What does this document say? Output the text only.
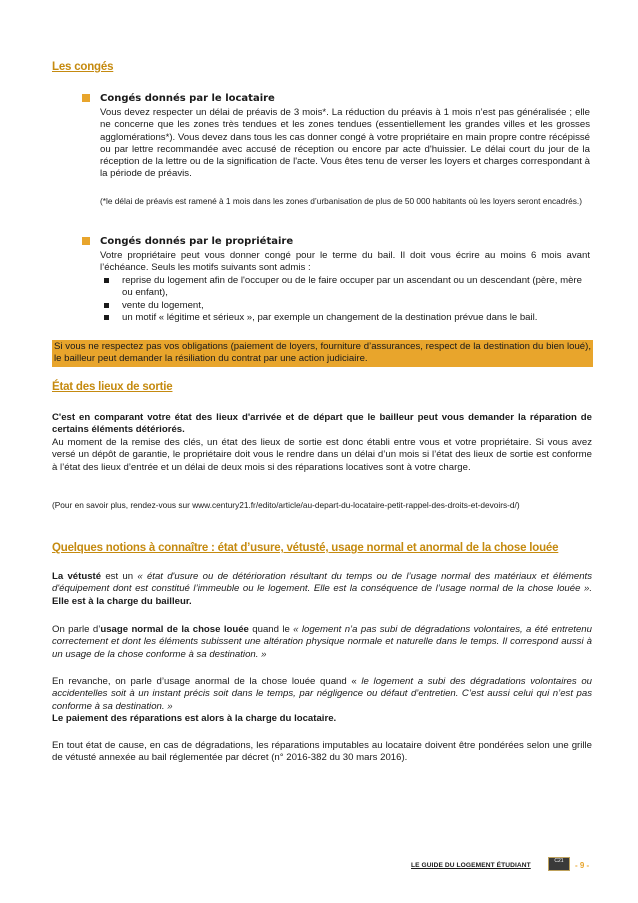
Les congés
Congés donnés par le locataire
Vous devez respecter un délai de préavis de 3 mois*. La réduction du préavis à 1 mois n’est pas généralisée ; elle ne concerne que les zones très tendues et les zones tendues (essentiellement les grandes villes et les grosses agglomérations*). Vous devez dans tous les cas donner congé à votre propriétaire en main propre contre récépissé ou par lettre recommandée avec accusé de réception ou encore par acte d'huissier. Le délai court du jour de la réception de la lettre ou de la signification de l'acte. Vous êtes tenu de verser les loyers et charges correspondant à la période de préavis.
(*le délai de préavis est ramené à 1 mois dans les zones d’urbanisation de plus de 50 000 habitants où les loyers seront encadrés.)
Congés donnés par le propriétaire
Votre propriétaire peut vous donner congé pour le terme du bail. Il doit vous écrire au moins 6 mois avant l’échéance. Seuls les motifs suivants sont admis :
reprise du logement afin de l'occuper ou de le faire occuper par un ascendant ou un descendant (père, mère ou enfant),
vente du logement,
un motif « légitime et sérieux », par exemple un changement de la destination prévue dans le bail.
Si vous ne respectez pas vos obligations (paiement de loyers, fourniture d’assurances, respect de la destination du bien loué), le bailleur peut demander la résiliation du contrat par une action judiciaire.
État des lieux de sortie
C'est en comparant votre état des lieux d'arrivée et de départ que le bailleur peut vous demander la réparation de certains éléments détériorés.
Au moment de la remise des clés, un état des lieux de sortie est donc établi entre vous et votre propriétaire. Si vous avez versé un dépôt de garantie, le propriétaire doit vous le rendre dans un délai d’un mois si l’état des lieux de sortie est conforme à l’état des lieux d’entrée et un délai de deux mois si des réparations locatives sont à votre charge.
(Pour en savoir plus, rendez-vous sur www.century21.fr/edito/article/au-depart-du-locataire-petit-rappel-des-droits-et-devoirs-d/)
Quelques notions à connaître : état d’usure, vétusté, usage normal et anormal de la chose louée
La vétusté est un « état d'usure ou de détérioration résultant du temps ou de l’usage normal des matériaux et éléments d'équipement dont est constitué l’immeuble ou le logement. Elle est la conséquence de l’usage normal de la chose louée ». Elle est à la charge du bailleur.
On parle d’usage normal de la chose louée quand le « logement n’a pas subi de dégradations volontaires, a été entretenu correctement et dont les éléments subissent une altération physique normale et naturelle dans le temps. Il correspond aussi à un usage de la chose conforme à sa destination. »
En revanche, on parle d’usage anormal de la chose louée quand « le logement a subi des dégradations volontaires ou accidentelles soit à un instant précis soit dans le temps, par négligence ou défaut d’entretien. C’est aussi celui qui n’est pas conforme à sa destination. »
Le paiement des réparations est alors à la charge du locataire.
En tout état de cause, en cas de dégradations, les réparations imputables au locataire doivent être pondérées selon une grille de vétusté annexée au bail réglementée par décret (n° 2016-382 du 30 mars 2016).
LE GUIDE DU LOGEMENT ÉTUDIANT
C21	- 9 -
